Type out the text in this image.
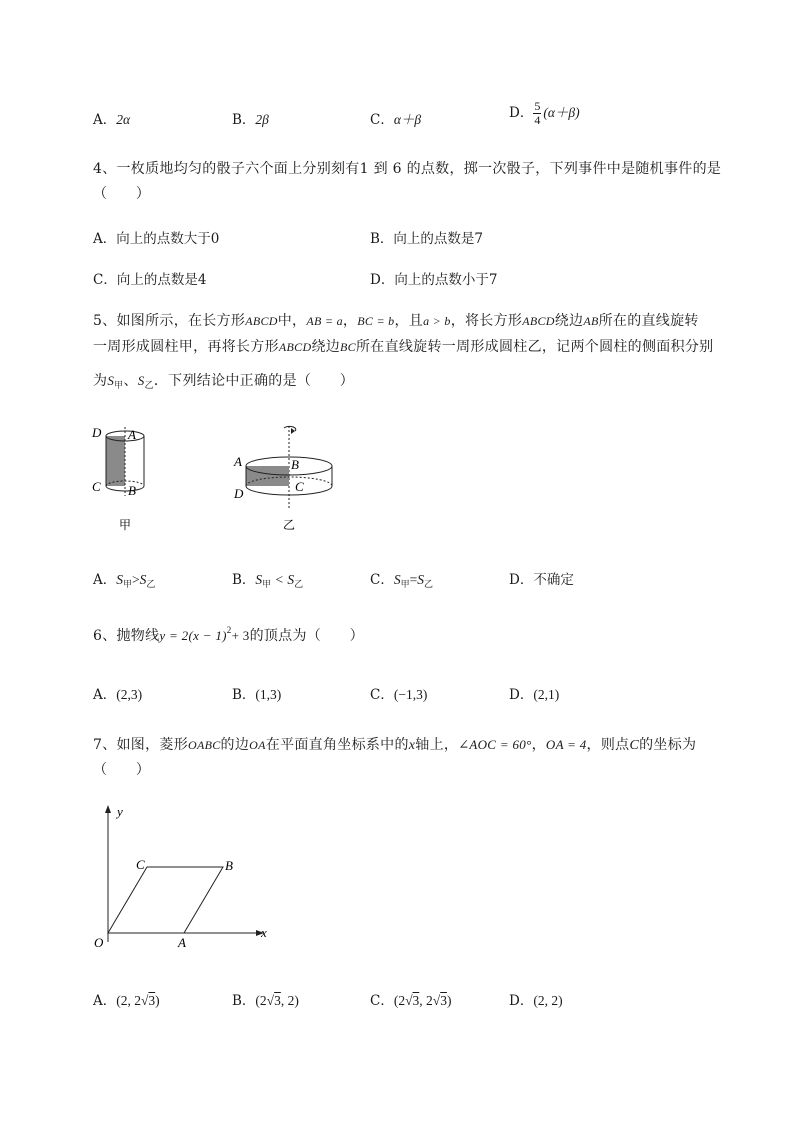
A．2α	B．2β	C．α＋β	D． $\frac{5}{4} (\alpha+\beta)$
4、一枚质地均匀的骰子六个面上分别刻有1 到 6 的点数，掷一次骰子，下列事件中是随机事件的是
（　　）
A．向上的点数大于0	B．向上的点数是7
C．向上的点数是4	D．向上的点数小于7
5、如图所示，在长方形ABCD中，AB = a，BC = b，且a > b，将长方形ABCD绕边AB所在的直线旋转
一周形成圆柱甲，再将长方形ABCD绕边BC所在直线旋转一周形成圆柱乙，记两个圆柱的侧面积分别
为$S_甲$、$S_乙$．下列结论中正确的是（　　）
D A
C B
甲
A	B
D	C
乙
A．$S_甲>S_乙$	B．$S_甲 < S_乙$	C．$S_甲=S_乙$	D．不确定
6、抛物线$y = 2(x - 1)^2+ 3$的顶点为（　　）
A．(2,3)	B．(1,3)	C．(−1,3)	D．(2,1)
7、如图，菱形OABC的边OA在平面直角坐标系中的x轴上，∠AOC = 60°，OA = 4，则点C的坐标为
（　　）
y
x
O	A
B
C
A．(2, 2√3)	B．(2√3, 2)	C．(2√3, 2√3)	D．(2, 2)
